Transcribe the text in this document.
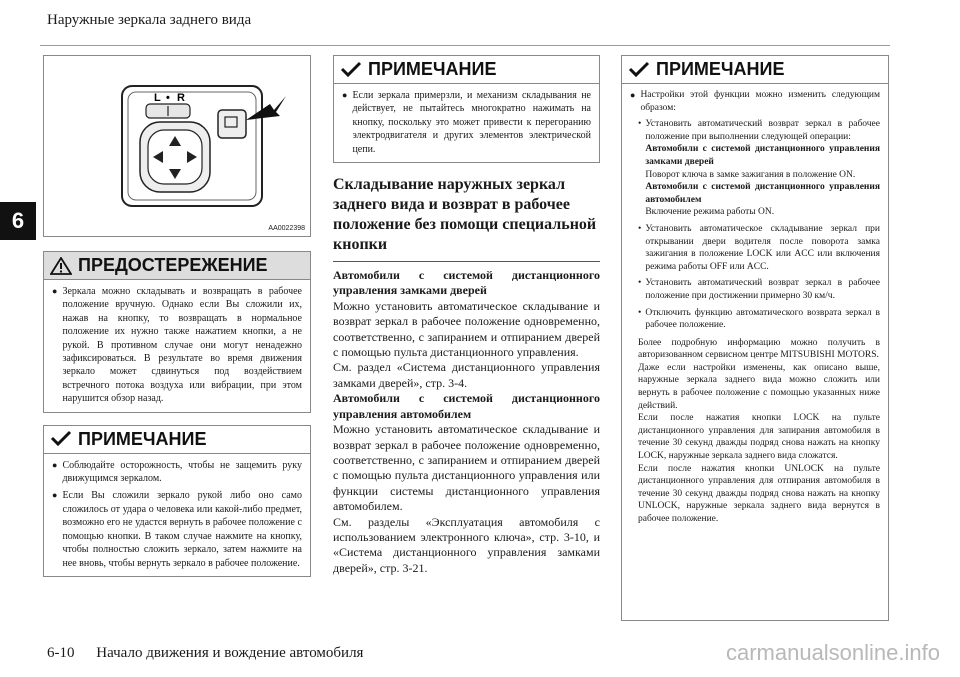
Наружные зеркала заднего вида
6
L • R
AA0022398
ПРЕДОСТЕРЕЖЕНИЕ
● Зеркала можно складывать и возвращать в рабочее положение вручную. Однако если Вы сложили их, нажав на кнопку, то возвращать в нормальное положение их нужно также нажатием кнопки, а не рукой. В противном случае они могут ненадежно зафиксироваться. В результате во время движения зеркало может сдвинуться под воздействием встречного потока воздуха или вибрации, при этом нарушится обзор назад.
ПРИМЕЧАНИЕ
● Соблюдайте осторожность, чтобы не защемить руку движущимся зеркалом.
● Если Вы сложили зеркало рукой либо оно само сложилось от удара о человека или какой-либо предмет, возможно его не удастся вернуть в рабочее положение с помощью кнопки. В таком случае нажмите на кнопку, чтобы полностью сложить зеркало, затем нажмите на нее вновь, чтобы вернуть зеркало в рабочее положение.
ПРИМЕЧАНИЕ
● Если зеркала примерзли, и механизм складывания не действует, не пытайтесь многократно нажимать на кнопку, поскольку это может привести к перегоранию электродвигателя и других элементов электрической цепи.
Складывание наружных зеркал заднего вида и возврат в рабочее положение без помощи специальной кнопки
Автомобили с системой дистанционного управления замками дверей
Можно установить автоматическое складывание и возврат зеркал в рабочее положение одновременно, соответственно, с запиранием и отпиранием дверей с помощью пульта дистанционного управления.
См. раздел «Система дистанционного управления замками дверей», стр. 3-4.
Автомобили с системой дистанционного управления автомобилем
Можно установить автоматическое складывание и возврат зеркал в рабочее положение одновременно, соответственно, с запиранием и отпиранием дверей с помощью пульта дистанционного управления или функции системы дистанционного управления автомобилем.
См. разделы «Эксплуатация автомобиля с использованием электронного ключа», стр. 3-10, и «Система дистанционного управления замками дверей», стр. 3-21.
ПРИМЕЧАНИЕ
● Настройки этой функции можно изменить следующим образом:
• Установить автоматический возврат зеркал в рабочее положение при выполнении следующей операции:
Автомобили с системой дистанционного управления замками дверей
Поворот ключа в замке зажигания в положение ON.
Автомобили с системой дистанционного управления автомобилем
Включение режима работы ON.
• Установить автоматическое складывание зеркал при открывании двери водителя после поворота замка зажигания в положение LOCK или ACC или включения режима работы OFF или ACC.
• Установить автоматический возврат зеркал в рабочее положение при достижении примерно 30 км/ч.
• Отключить функцию автоматического возврата зеркал в рабочее положение.
Более подробную информацию можно получить в авторизованном сервисном центре MITSUBISHI MOTORS.
Даже если настройки изменены, как описано выше, наружные зеркала заднего вида можно сложить или вернуть в рабочее положение с помощью указанных ниже действий.
Если после нажатия кнопки LOCK на пульте дистанционного управления для запирания автомобиля в течение 30 секунд дважды подряд снова нажать на кнопку LOCK, наружные зеркала заднего вида сложатся.
Если после нажатия кнопки UNLOCK на пульте дистанционного управления для отпирания автомобиля в течение 30 секунд дважды подряд снова нажать на кнопку UNLOCK, наружные зеркала заднего вида вернутся в рабочее положение.
6-10 Начало движения и вождение автомобиля	carmanualsonline.info
